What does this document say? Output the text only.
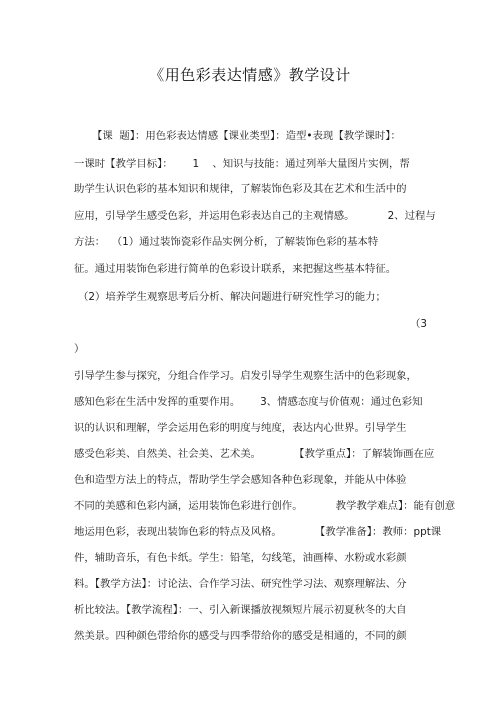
《用色彩表达情感》教学设计
【课  题】：用色彩表达情感【课业类型】：造型•表现【教学课时】：
一课时【教学目标】：      1    、知识与技能：通过列举大量图片实例，帮
助学生认识色彩的基本知识和规律，了解装饰色彩及其在艺术和生活中的
应用，引导学生感受色彩，并运用色彩表达自己的主观情感。          2、过程与
方法：  （1）通过装饰瓷彩作品实例分析，了解装饰色彩的基本特
征。通过用装饰色彩进行简单的色彩设计联系，来把握这些基本特征。
（2）培养学生观察思考后分析、解决问题进行研究性学习的能力；
（3
）
引导学生参与探究，分组合作学习。启发引导学生观察生活中的色彩现象，
感知色彩在生活中发挥的重要作用。      3、情感态度与价值观：通过色彩知
识的认识和理解，学会运用色彩的明度与纯度，表达内心世界。引导学生
感受色彩美、自然美、社会美、艺术美。          【教学重点】：了解装饰画在应
色和造型方法上的特点，帮助学生学会感知各种色彩现象，并能从中体验
不同的美感和色彩内涵，运用装饰色彩进行创作。          教学教学难点】：能有创意
地运用色彩，表现出装饰色彩的特点及风格。          【教学准备】：教师：ppt课
件，辅助音乐，有色卡纸。学生：铅笔，勾线笔，油画棒、水粉或水彩颜
料。【教学方法】：讨论法、合作学习法、研究性学习法、观察理解法、分
析比较法。【教学流程】：一、引入新课播放视频短片展示初夏秋冬的大自
然美景。四种颜色带给你的感受与四季带给你的感受是相通的，不同的颜
